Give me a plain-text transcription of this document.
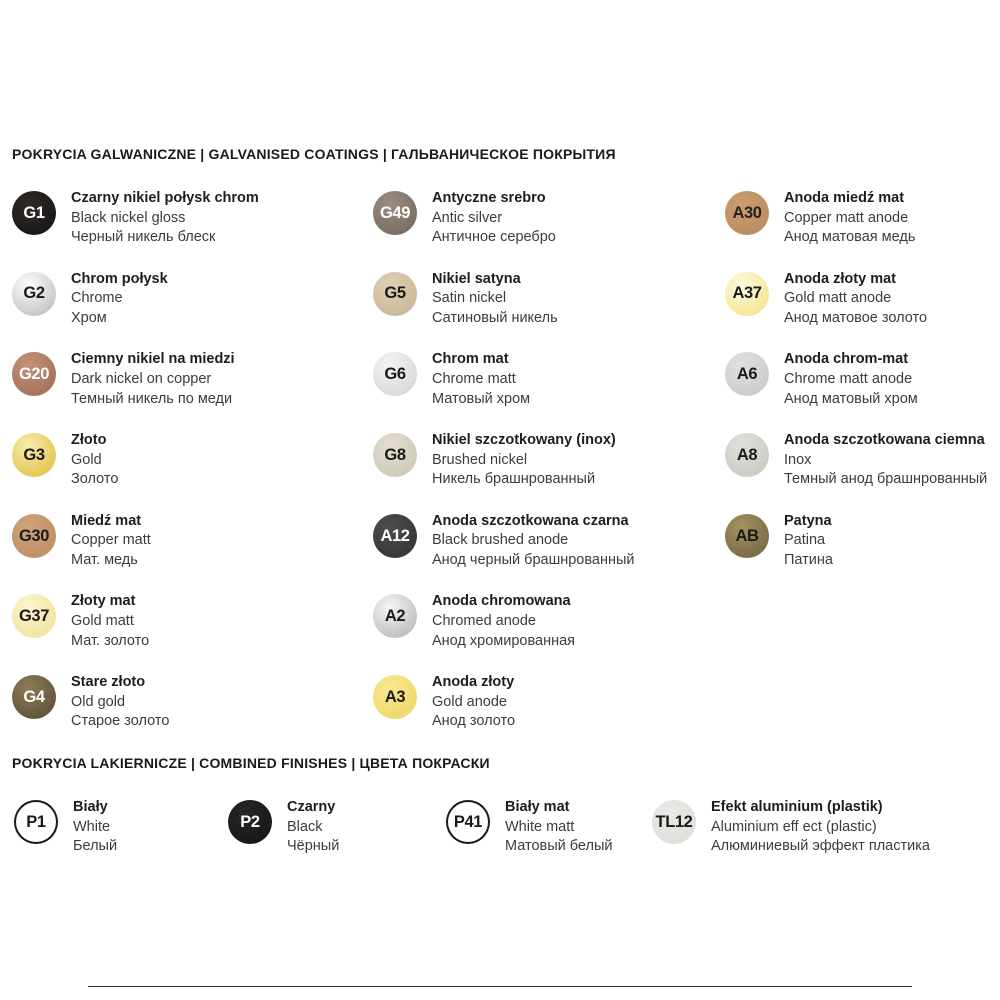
POKRYCIA GALWANICZNE | GALVANISED COATINGS | ГАЛЬВАНИЧЕСКОЕ ПОКРЫТИЯ
G1
Czarny nikiel połysk chrom
Black nickel gloss
Черный никель блеск
G49
Antyczne srebro
Antic silver
Античное серебро
A30
Anoda miedź mat
Copper matt anode
Анод матовая медь
G2
Chrom połysk
Chrome
Хром
G5
Nikiel satyna
Satin nickel
Сатиновый никель
A37
Anoda złoty mat
Gold matt anode
Анод матовое золото
G20
Ciemny nikiel na miedzi
Dark nickel on copper
Темный никель по меди
G6
Chrom mat
Chrome matt
Матовый хром
A6
Anoda chrom-mat
Chrome matt anode
Анод матовый хром
G3
Złoto
Gold
Золото
G8
Nikiel szczotkowany (inox)
Brushed nickel
Никель брашнрованный
A8
Anoda szczotkowana ciemna
Inox
Темный анод брашнрованный
G30
Miedź mat
Copper matt
Мат. медь
A12
Anoda szczotkowana czarna
Black brushed anode
Анод черный брашнрованный
AB
Patyna
Patina
Патина
G37
Złoty mat
Gold matt
Мат. золото
A2
Anoda chromowana
Chromed anode
Анод хромированная
G4
Stare złoto
Old gold
Старое золото
A3
Anoda złoty
Gold anode
Анод золото
POKRYCIA LAKIERNICZE | COMBINED FINISHES | ЦВЕТА ПОКРАСКИ
P1
Biały
White
Белый
P2
Czarny
Black
Чёрный
P41
Biały mat
White matt
Матовый белый
TL12
Efekt aluminium (plastik)
Aluminium eff ect (plastic)
Алюминиевый эффект пластика
